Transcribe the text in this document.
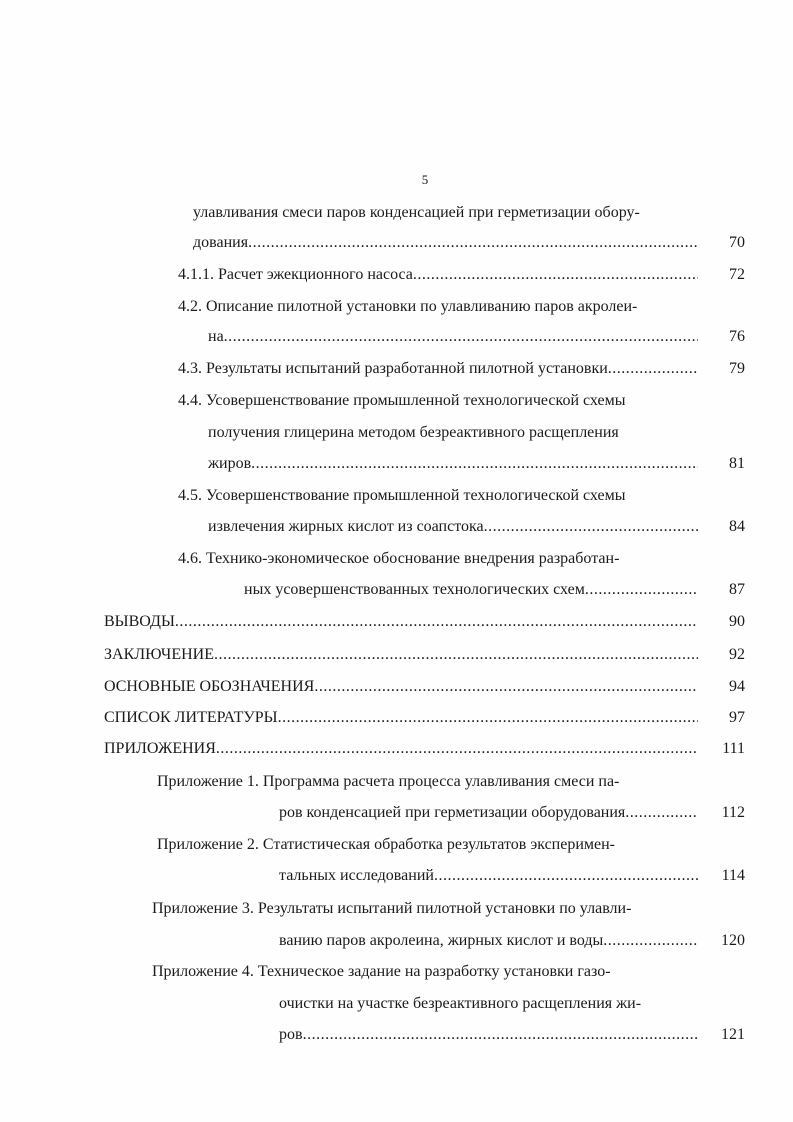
5
улавливания смеси паров конденсацией при герметизации обору-
дования .....	70
4.1.1. Расчет эжекционного насоса .....	72
4.2. Описание пилотной установки по улавливанию паров акролеи-
на .....	76
4.3. Результаты испытаний разработанной пилотной установки .....	79
4.4. Усовершенствование промышленной технологической схемы
получения глицерина методом безреактивного расщепления
жиров .....	81
4.5. Усовершенствование промышленной технологической схемы
извлечения жирных кислот из соапстока .....	84
4.6. Технико-экономическое обоснование внедрения разработан-
ных усовершенствованных технологических схем .....	87
ВЫВОДЫ .....	90
ЗАКЛЮЧЕНИЕ .....	92
ОСНОВНЫЕ ОБОЗНАЧЕНИЯ .....	94
СПИСОК ЛИТЕРАТУРЫ .....	97
ПРИЛОЖЕНИЯ .....	111
Приложение 1. Программа расчета процесса улавливания смеси па-
ров конденсацией при герметизации оборудования .....	112
Приложение 2. Статистическая обработка результатов эксперимен-
тальных исследований .....	114
Приложение 3. Результаты испытаний пилотной установки по улавли-
ванию паров акролеина, жирных кислот и воды .....	120
Приложение 4. Техническое задание на разработку установки газо-
очистки на участке безреактивного расщепления жи-
ров .....	121
